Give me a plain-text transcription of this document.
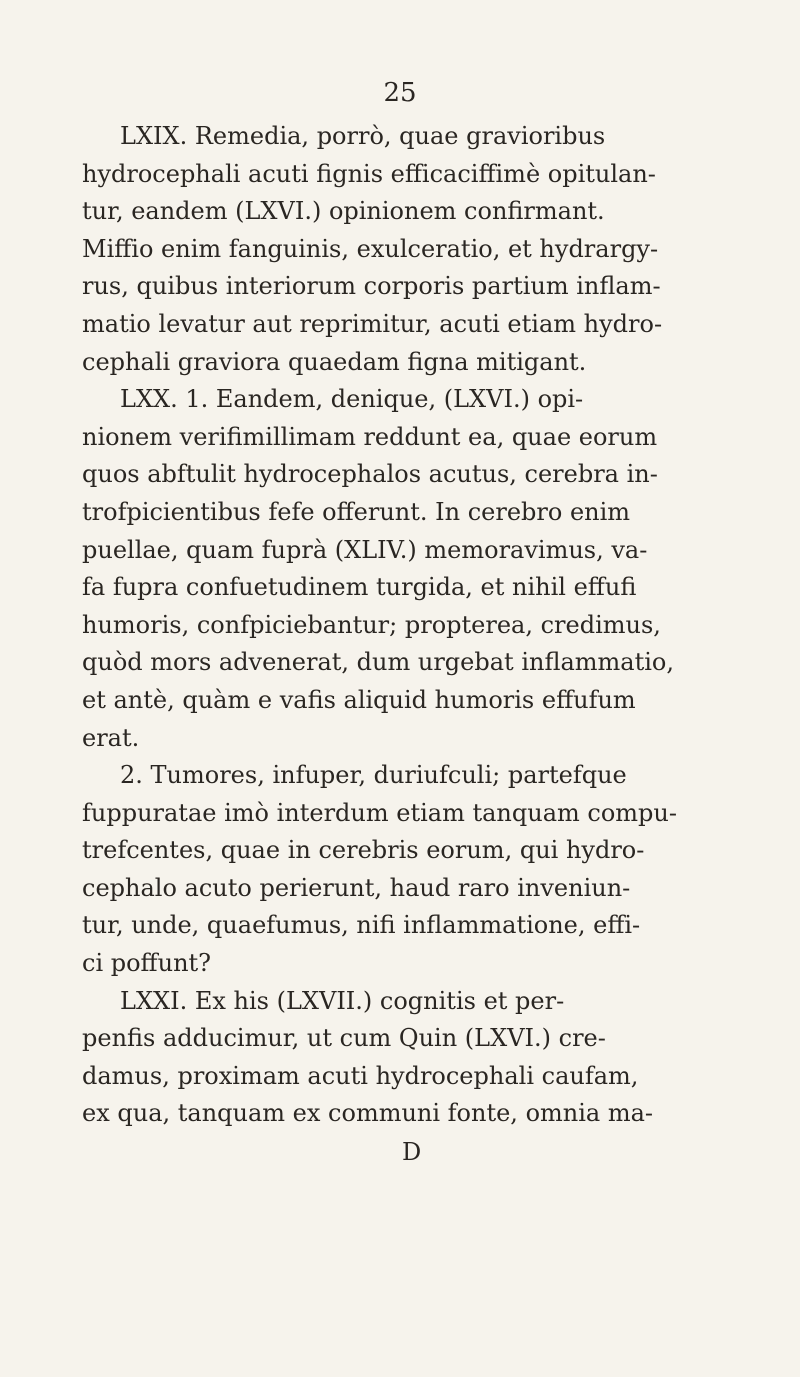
25
LXIX. Remedia, porrò, quae gravioribus
hydrocephali acuti fignis efficaciffimè opitulan-
tur, eandem (LXVI.) opinionem confirmant.
Miffio enim fanguinis, exulceratio, et hydrargy-
rus, quibus interiorum corporis partium inflam-
matio levatur aut reprimitur, acuti etiam hydro-
cephali graviora quaedam figna mitigant.
LXX. 1. Eandem, denique, (LXVI.) opi-
nionem verifimillimam reddunt ea, quae eorum
quos abftulit hydrocephalos acutus, cerebra in-
trofpicientibus fefe offerunt. In cerebro enim
puellae, quam fuprà (XLIV.) memoravimus, va-
fa fupra confuetudinem turgida, et nihil effufi
humoris, confpiciebantur; propterea, credimus,
quòd mors advenerat, dum urgebat inflammatio,
et antè, quàm e vafis aliquid humoris effufum
erat.
2. Tumores, infuper, duriufculi; partefque
fuppuratae imò interdum etiam tanquam compu-
trefcentes, quae in cerebris eorum, qui hydro-
cephalo acuto perierunt, haud raro inveniun-
tur, unde, quaefumus, nifi inflammatione, effi-
ci poffunt?
LXXI. Ex his (LXVII.) cognitis et per-
penfis adducimur, ut cum Quin (LXVI.) cre-
damus, proximam acuti hydrocephali caufam,
ex qua, tanquam ex communi fonte, omnia ma-
D
